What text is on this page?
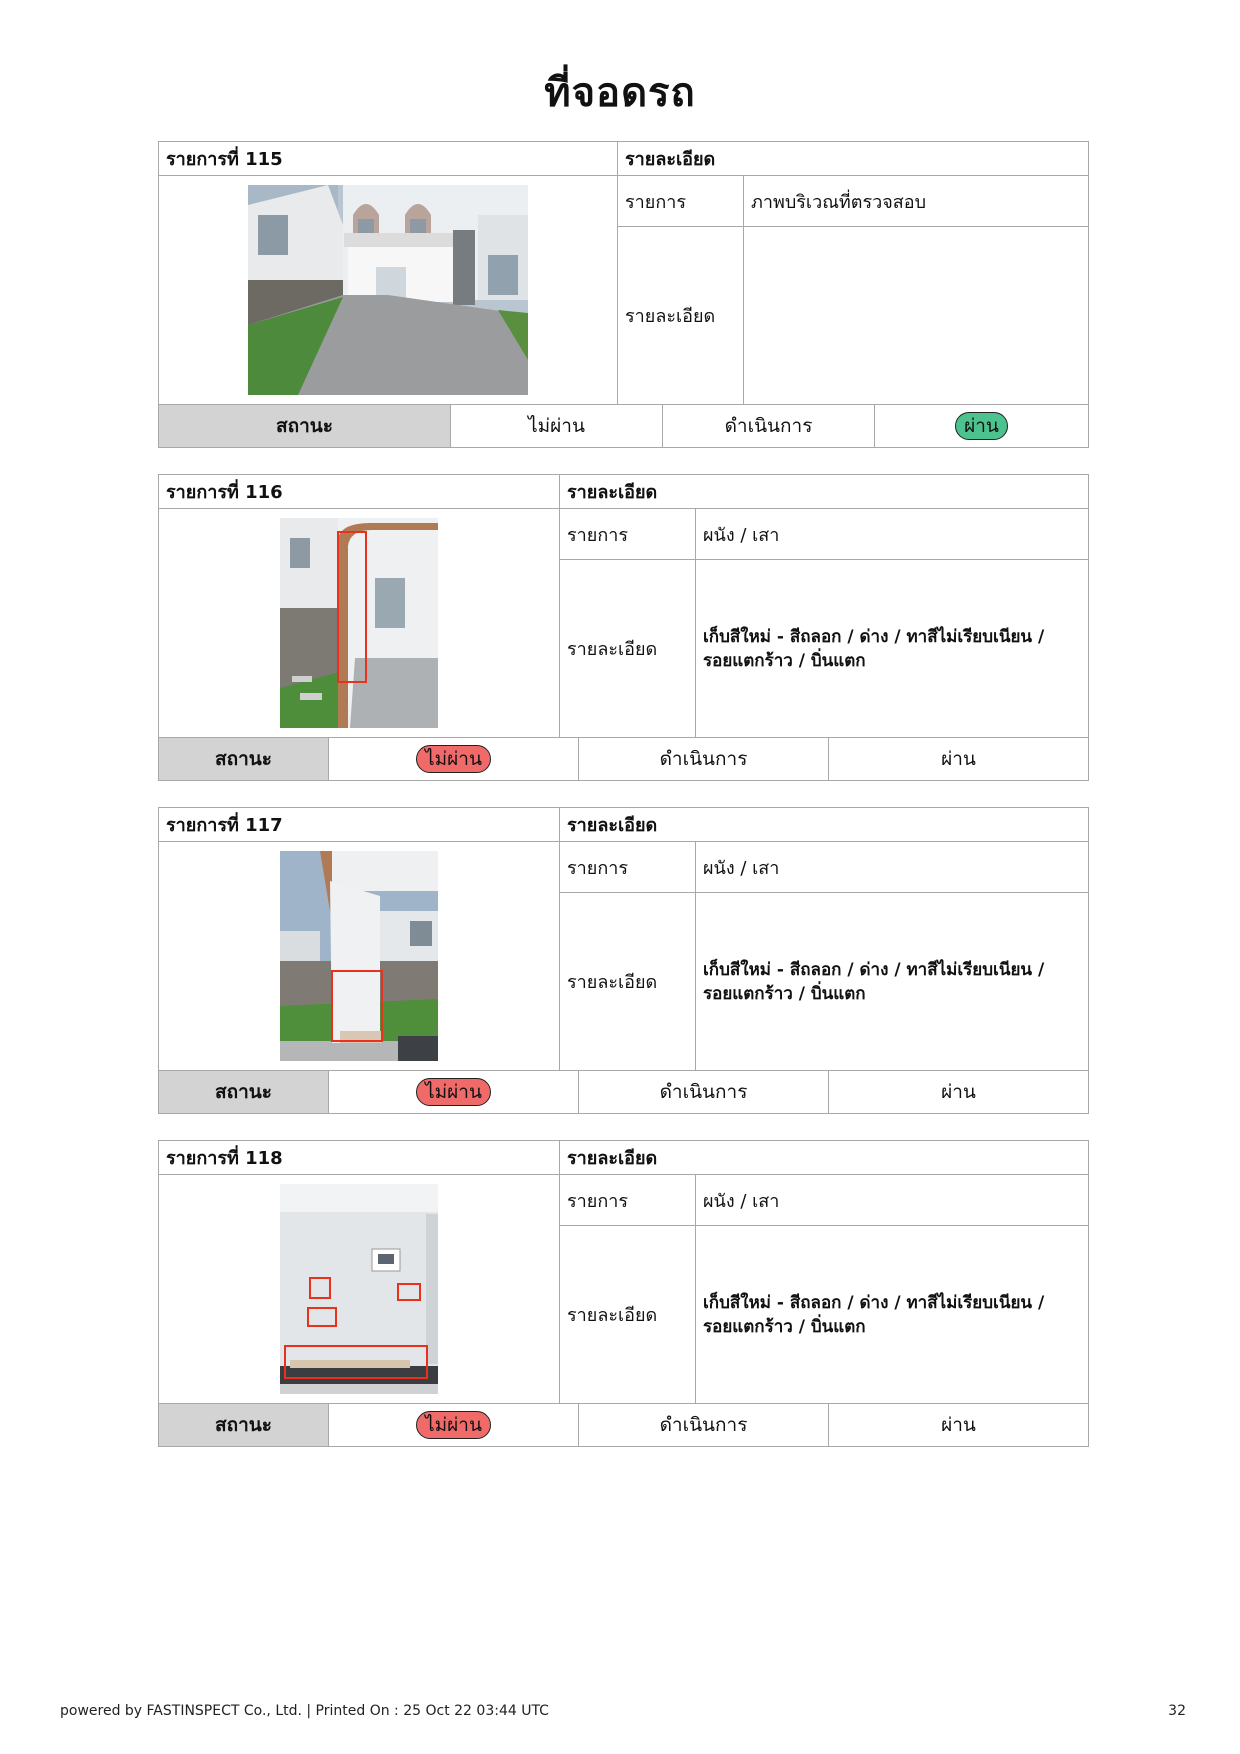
ที่จอดรถ
รายการที่ 115	รายละเอียด	
	รายการ	ภาพบริเวณที่ตรวจสอบ
	รายละเอียด	
สถานะ	ไม่ผ่าน	ดำเนินการ	ผ่าน
รายการที่ 116	รายละเอียด	
	รายการ	ผนัง / เสา
	รายละเอียด	เก็บสีใหม่ - สีถลอก / ด่าง / ทาสีไม่เรียบเนียน /
รอยแตกร้าว / บิ่นแตก
สถานะ	ไม่ผ่าน	ดำเนินการ	ผ่าน
รายการที่ 117	รายละเอียด	
	รายการ	ผนัง / เสา
	รายละเอียด	เก็บสีใหม่ - สีถลอก / ด่าง / ทาสีไม่เรียบเนียน /
รอยแตกร้าว / บิ่นแตก
สถานะ	ไม่ผ่าน	ดำเนินการ	ผ่าน
รายการที่ 118	รายละเอียด	
	รายการ	ผนัง / เสา
	รายละเอียด	เก็บสีใหม่ - สีถลอก / ด่าง / ทาสีไม่เรียบเนียน /
รอยแตกร้าว / บิ่นแตก
สถานะ	ไม่ผ่าน	ดำเนินการ	ผ่าน
powered by FASTINSPECT Co., Ltd. | Printed On : 25 Oct 22 03:44 UTC	32
